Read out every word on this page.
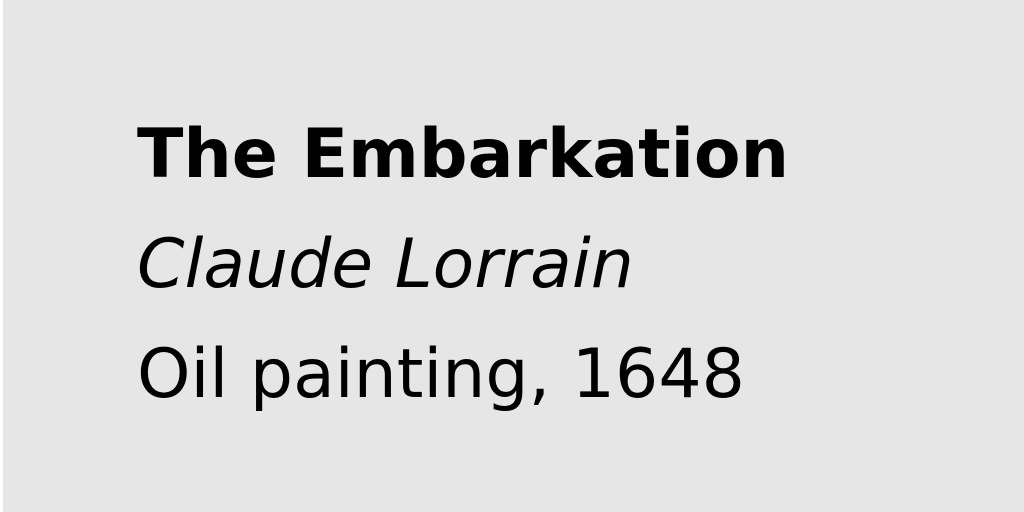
The Embarkation
Claude Lorrain
Oil painting, 1648
